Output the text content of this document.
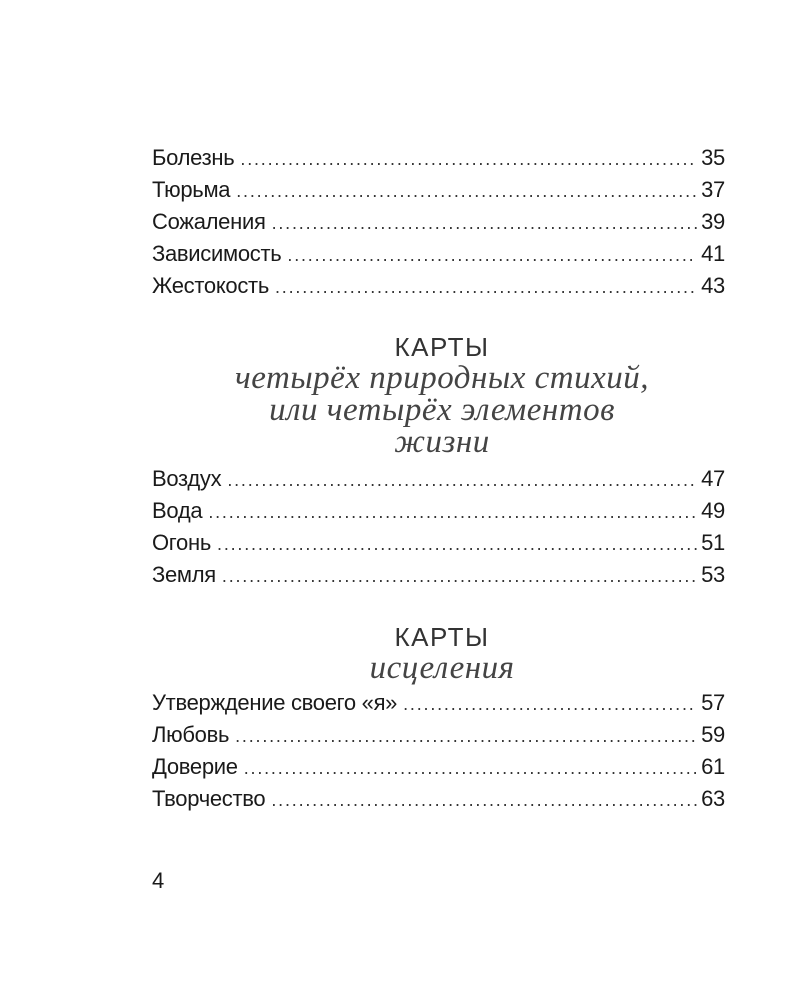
Болезнь .....	35
Тюрьма .....	37
Сожаления .....	39
Зависимость .....	41
Жестокость .....	43
КАРТЫ
четырёх природных стихий,
или четырёх элементов
жизни
Воздух .....	47
Вода .....	49
Огонь .....	51
Земля .....	53
КАРТЫ
исцеления
Утверждение своего «я» .....	57
Любовь .....	59
Доверие .....	61
Творчество .....	63
4
